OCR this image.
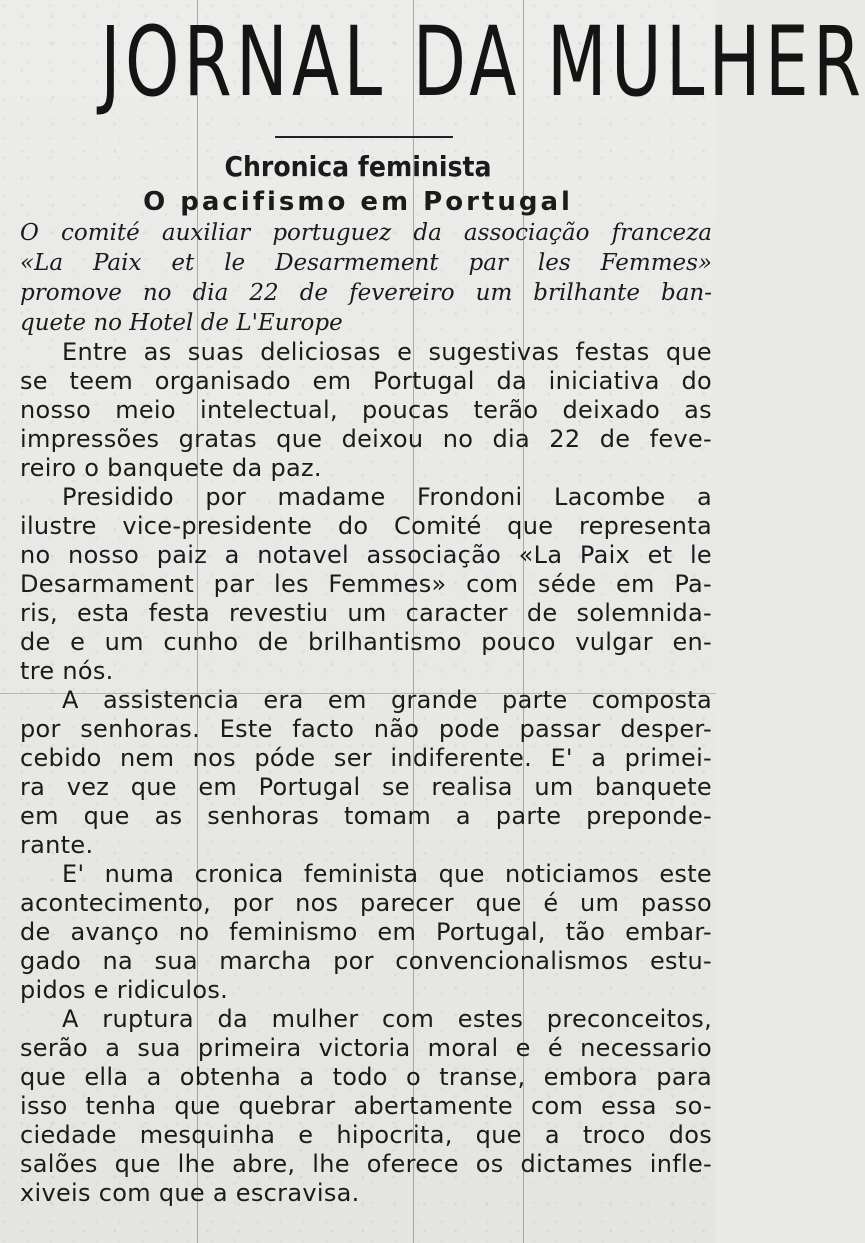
JORNAL DA MULHER
Chronica feminista
O pacifismo em Portugal
O comité auxiliar portuguez da associação franceza
«La Paix et le Desarmement par les Femmes»
promove no dia 22 de fevereiro um brilhante ban-
quete no Hotel de L'Europe
Entre as suas deliciosas e sugestivas festas que
se teem organisado em Portugal da iniciativa do
nosso meio intelectual, poucas terão deixado as
impressões gratas que deixou no dia 22 de feve-
reiro o banquete da paz.
Presidido por madame Frondoni Lacombe a
ilustre vice-presidente do Comité que representa
no nosso paiz a notavel associação «La Paix et le
Desarmament par les Femmes» com séde em Pa-
ris, esta festa revestiu um caracter de solemnida-
de e um cunho de brilhantismo pouco vulgar en-
tre nós.
A assistencia era em grande parte composta
por senhoras. Este facto não pode passar desper-
cebido nem nos póde ser indiferente. E' a primei-
ra vez que em Portugal se realisa um banquete
em que as senhoras tomam a parte preponde-
rante.
E' numa cronica feminista que noticiamos este
acontecimento, por nos parecer que é um passo
de avanço no feminismo em Portugal, tão embar-
gado na sua marcha por convencionalismos estu-
pidos e ridiculos.
A ruptura da mulher com estes preconceitos,
serão a sua primeira victoria moral e é necessario
que ella a obtenha a todo o transe, embora para
isso tenha que quebrar abertamente com essa so-
ciedade mesquinha e hipocrita, que a troco dos
salões que lhe abre, lhe oferece os dictames infle-
xiveis com que a escravisa.
